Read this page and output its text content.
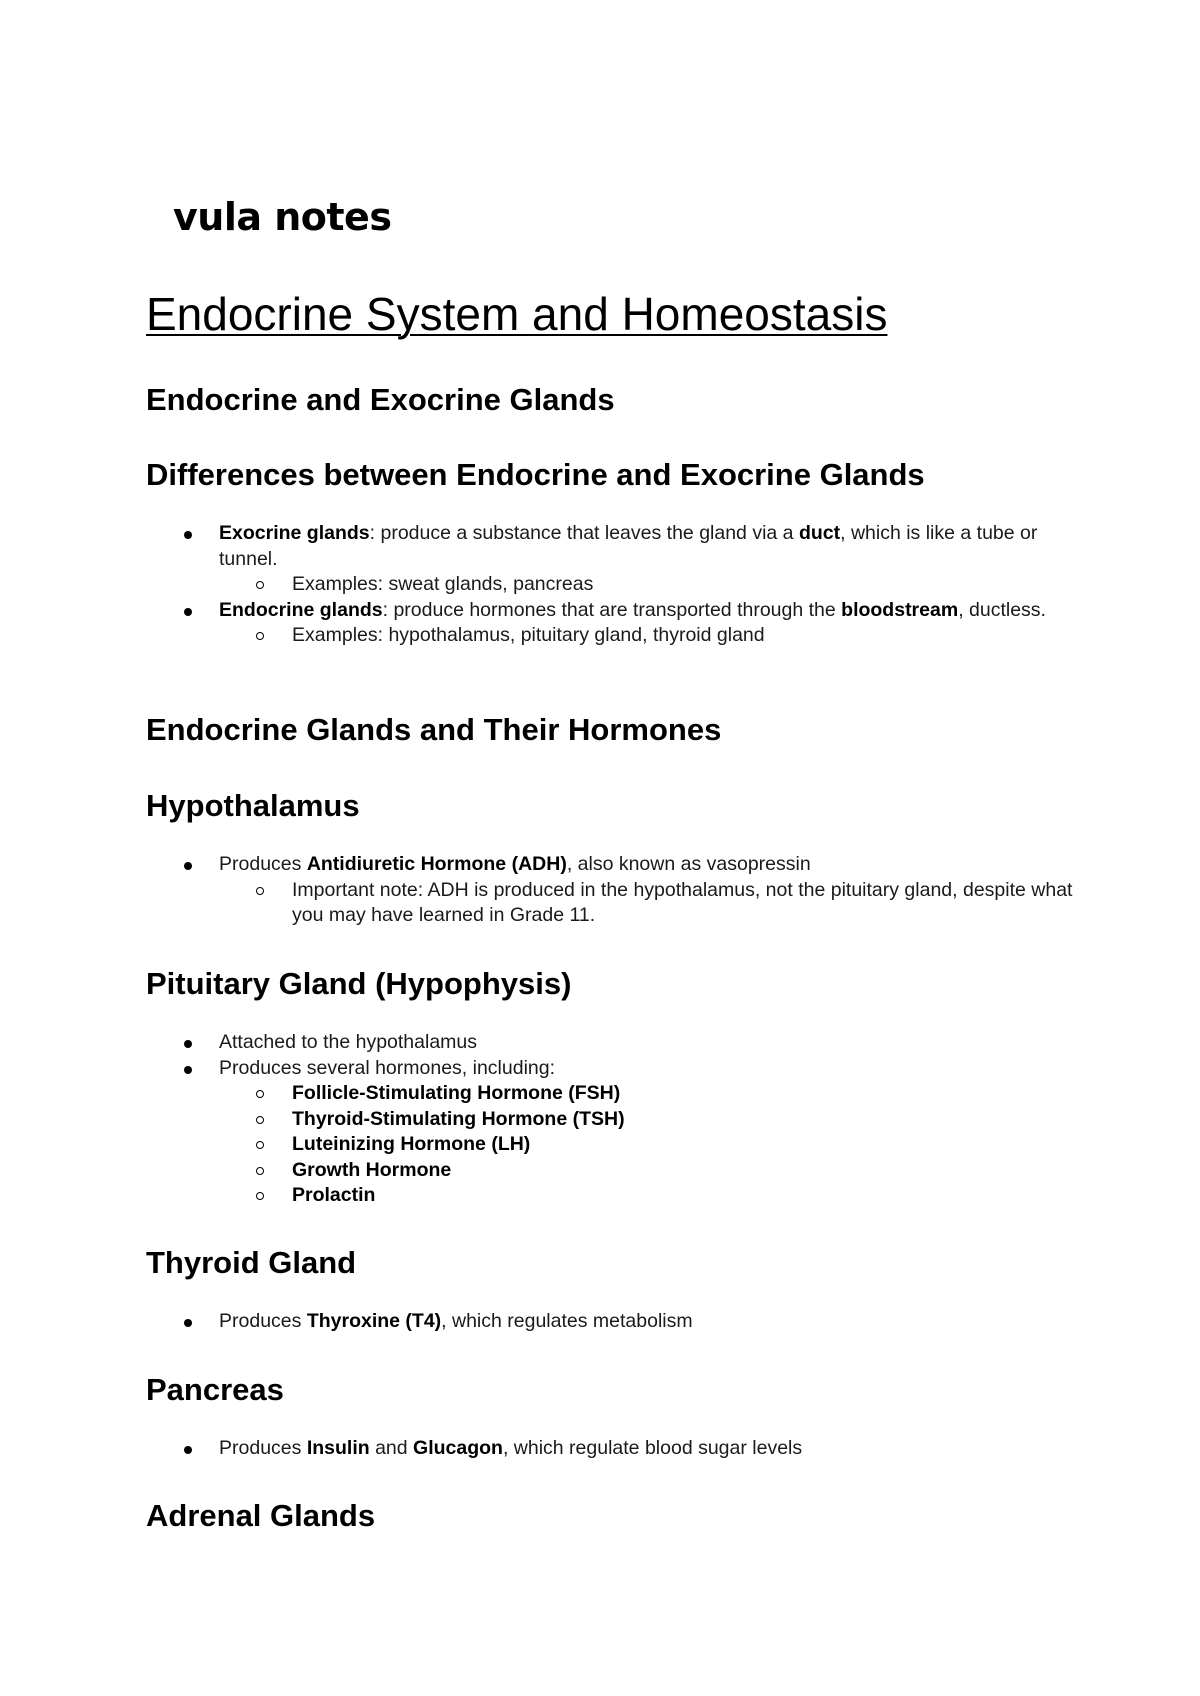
vula notes
Endocrine System and Homeostasis
Endocrine and Exocrine Glands
Differences between Endocrine and Exocrine Glands
Exocrine glands: produce a substance that leaves the gland via a duct, which is like a tube or tunnel.
Examples: sweat glands, pancreas
Endocrine glands: produce hormones that are transported through the bloodstream, ductless.
Examples: hypothalamus, pituitary gland, thyroid gland
Endocrine Glands and Their Hormones
Hypothalamus
Produces Antidiuretic Hormone (ADH), also known as vasopressin
Important note: ADH is produced in the hypothalamus, not the pituitary gland, despite what you may have learned in Grade 11.
Pituitary Gland (Hypophysis)
Attached to the hypothalamus
Produces several hormones, including:
Follicle-Stimulating Hormone (FSH)
Thyroid-Stimulating Hormone (TSH)
Luteinizing Hormone (LH)
Growth Hormone
Prolactin
Thyroid Gland
Produces Thyroxine (T4), which regulates metabolism
Pancreas
Produces Insulin and Glucagon, which regulate blood sugar levels
Adrenal Glands
